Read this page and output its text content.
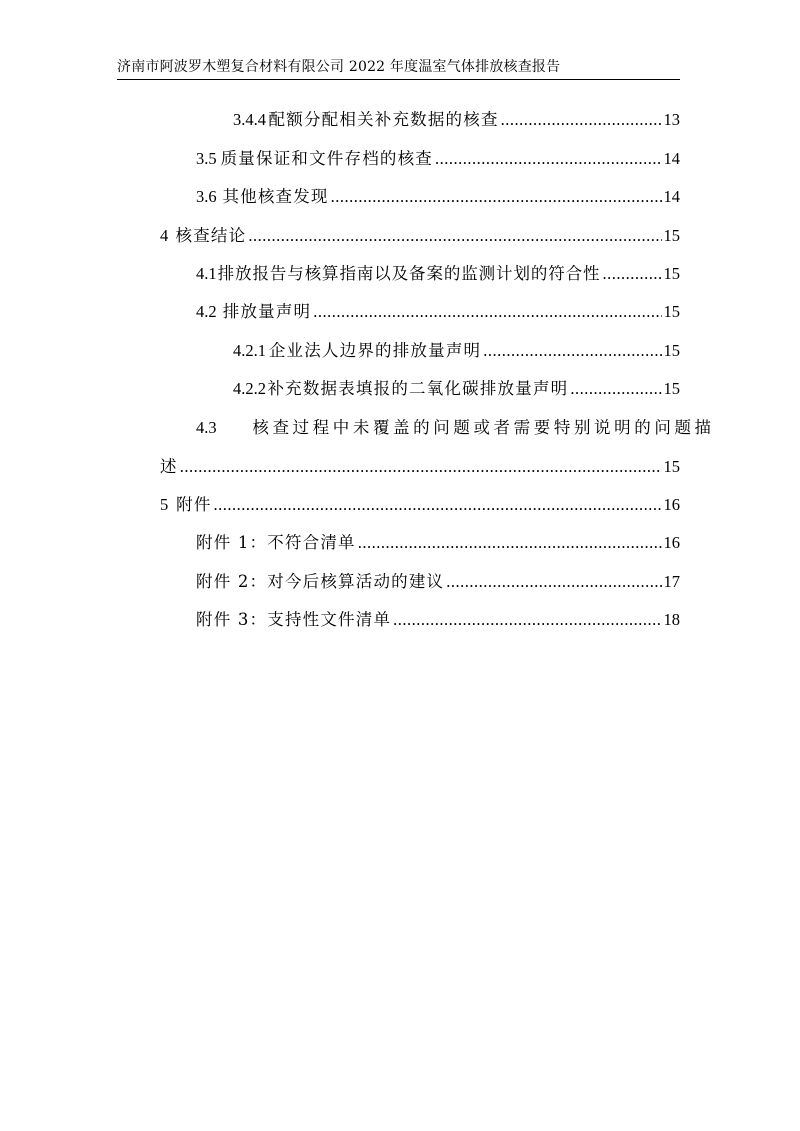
济南市阿波罗木塑复合材料有限公司 2022 年度温室气体排放核查报告
3.4.4 配额分配相关补充数据的核查 .....	13
3.5 质量保证和文件存档的核查 .....	14
3.6 其他核查发现 .....	14
4 核查结论 .....	15
4.1 排放报告与核算指南以及备案的监测计划的符合性 .....	15
4.2 排放量声明 .....	15
4.2.1 企业法人边界的排放量声明 .....	15
4.2.2 补充数据表填报的二氧化碳排放量声明 .....	15
4.3 核查过程中未覆盖的问题或者需要特别说明的问题描
述 .....	15
5 附件 .....	16
附件 1：不符合清单 .....	16
附件 2：对今后核算活动的建议 .....	17
附件 3：支持性文件清单 .....	18
